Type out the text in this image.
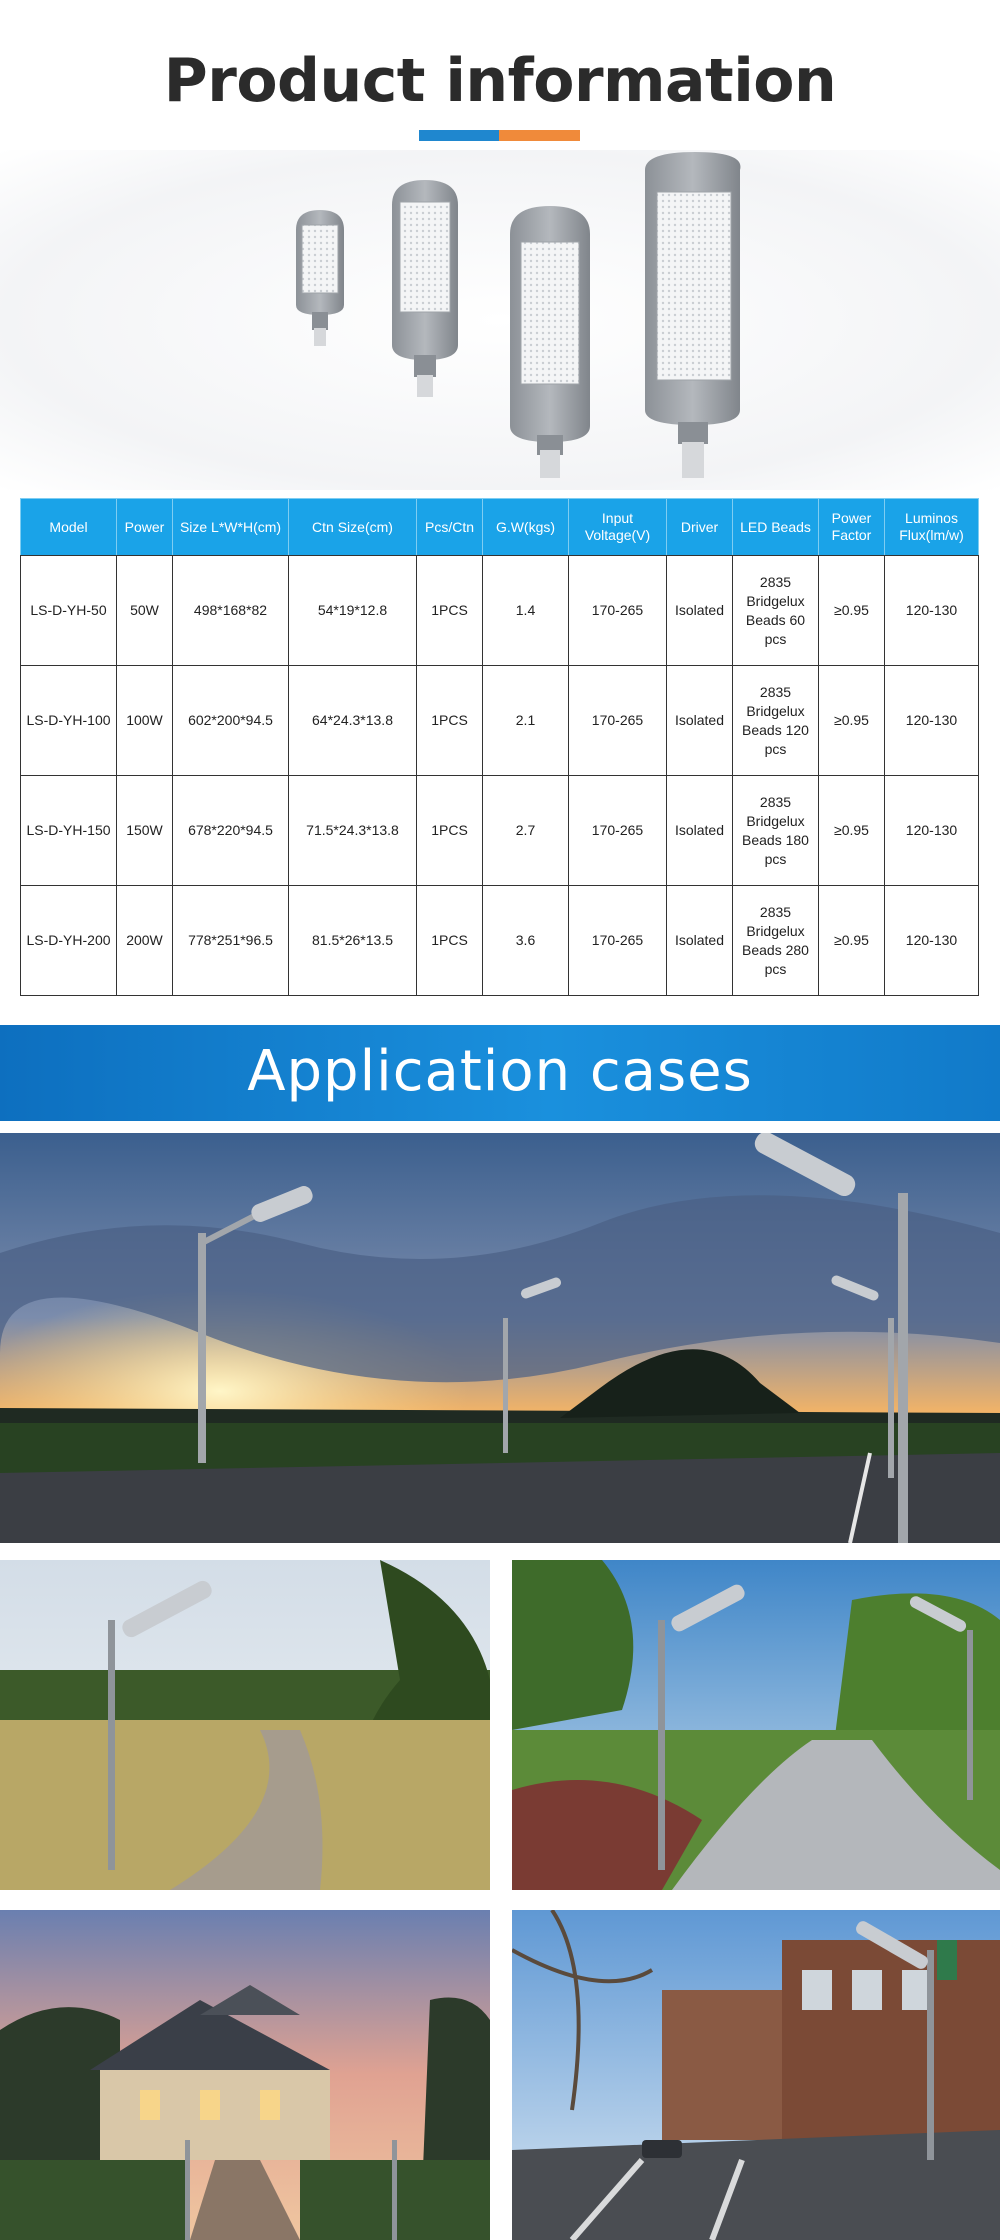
Product information
Model	Power	Size L*W*H(cm)	Ctn Size(cm)	Pcs/Ctn	G.W(kgs)	Input Voltage(V)	Driver	LED Beads	Power Factor	Luminos Flux(lm/w)
LS-D-YH-50	50W	498*168*82	54*19*12.8	1PCS	1.4	170-265	Isolated	2835 Bridgelux Beads 60 pcs	≥0.95	120-130
LS-D-YH-100	100W	602*200*94.5	64*24.3*13.8	1PCS	2.1	170-265	Isolated	2835 Bridgelux Beads 120 pcs	≥0.95	120-130
LS-D-YH-150	150W	678*220*94.5	71.5*24.3*13.8	1PCS	2.7	170-265	Isolated	2835 Bridgelux Beads 180 pcs	≥0.95	120-130
LS-D-YH-200	200W	778*251*96.5	81.5*26*13.5	1PCS	3.6	170-265	Isolated	2835 Bridgelux Beads 280 pcs	≥0.95	120-130
Application cases
